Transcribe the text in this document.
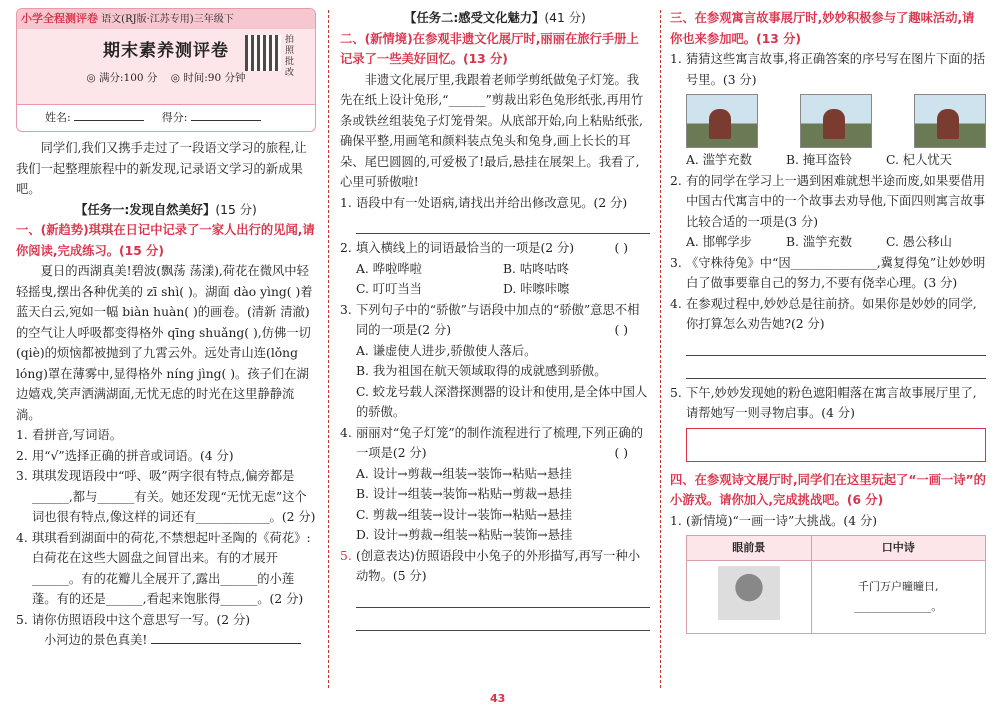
小学全程测评卷 语文(RJ版·江苏专用)三年级下
期末素养测评卷
◎ 满分:100 分 ◎ 时间:90 分钟
拍照批改
姓名:	得分:

同学们,我们又携手走过了一段语文学习的旅程,让我们一起整理旅程中的新发现,记录语文学习的新成果吧。

【任务一:发现自然美好】(15 分)

一、(新趋势)琪琪在日记中记录了一家人出行的见闻,请你阅读,完成练习。(15 分)

夏日的西湖真美!碧波(飘荡 荡漾),荷花在微风中轻轻摇曳,摆出各种优美的 zī shì( )。湖面 dào yìng( )着蓝天白云,宛如一幅 biàn huàn( )的画卷。(清新 清澈)的空气让人呼吸都变得格外 qīng shuǎng( ),仿佛一切(qiè)的烦恼都被抛到了九霄云外。远处青山连(lǒng lóng)罩在薄雾中,显得格外 níng jìng( )。孩子们在湖边嬉戏,笑声洒满湖面,无忧无虑的时光在这里静静流淌。

1. 看拼音,写词语。
2. 用“√”选择正确的拼音或词语。(4 分)
3. 琪琪发现语段中“呼、吸”两字很有特点,偏旁都是______,都与______有关。她还发现“无忧无虑”这个词也很有特点,像这样的词还有____________。(2 分)
4. 琪琪看到湖面中的荷花,不禁想起叶圣陶的《荷花》:白荷花在这些大圆盘之间冒出来。有的才展开______。有的花瓣儿全展开了,露出______的小莲蓬。有的还是______,看起来饱胀得______。(2 分)
5. 请你仿照语段中这个意思写一写。(2 分)

小河边的景色真美!

【任务二:感受文化魅力】(41 分)

二、(新情境)在参观非遗文化展厅时,丽丽在旅行手册上记录了一些美好回忆。(13 分)

非遗文化展厅里,我跟着老师学剪纸做兔子灯笼。我先在纸上设计兔形,“______”剪裁出彩色兔形纸张,再用竹条或铁丝组装兔子灯笼骨架。从底部开始,向上粘贴纸张,确保平整,用画笔和颜料装点兔头和兔身,画上长长的耳朵、尾巴圆圆的,可爱极了!最后,悬挂在展架上。我看了,心里可骄傲啦!

1. 语段中有一处语病,请找出并给出修改意见。(2 分)
2. 填入横线上的词语最恰当的一项是(2 分)	( )
A. 哗啦哗啦	B. 咕咚咕咚
C. 叮叮当当	D. 咔嚓咔嚓
3. 下列句子中的“骄傲”与语段中加点的“骄傲”意思不相同的一项是(2 分)	( )

A. 谦虚使人进步,骄傲使人落后。

B. 我为祖国在航天领域取得的成就感到骄傲。

C. 蛟龙号载人深潜探测器的设计和使用,是全体中国人的骄傲。

4. 丽丽对“兔子灯笼”的制作流程进行了梳理,下列正确的一项是(2 分)	( )

A. 设计→剪裁→组装→装饰→粘贴→悬挂

B. 设计→组装→装饰→粘贴→剪裁→悬挂

C. 剪裁→组装→设计→装饰→粘贴→悬挂

D. 设计→剪裁→组装→粘贴→装饰→悬挂

5. (创意表达)仿照语段中小兔子的外形描写,再写一种小动物。(5 分)

三、在参观寓言故事展厅时,妙妙积极参与了趣味活动,请你也来参加吧。(13 分)

1. 猜猜这些寓言故事,将正确答案的序号写在图片下面的括号里。(3 分)
A. 滥竽充数	B. 掩耳盗铃	C. 杞人忧天
2. 有的同学在学习上一遇到困难就想半途而废,如果要借用中国古代寓言中的一个故事去劝导他,下面四则寓言故事比较合适的一项是(3 分)
A. 邯郸学步	B. 滥竽充数	C. 愚公移山
3. 《守株待兔》中“因______________,冀复得兔”让妙妙明白了做事要靠自己的努力,不要有侥幸心理。(3 分)
4. 在参观过程中,妙妙总是往前挤。如果你是妙妙的同学,你打算怎么劝告她?(2 分)
5. 下午,妙妙发现她的粉色遮阳帽落在寓言故事展厅里了,请帮她写一则寻物启事。(4 分)

四、在参观诗文展厅时,同学们在这里玩起了“一画一诗”的小游戏。请你加入,完成挑战吧。(6 分)

1. (新情境)“一画一诗”大挑战。(4 分)
眼前景	口中诗

	千门万户曈曈日,
______________。
43
